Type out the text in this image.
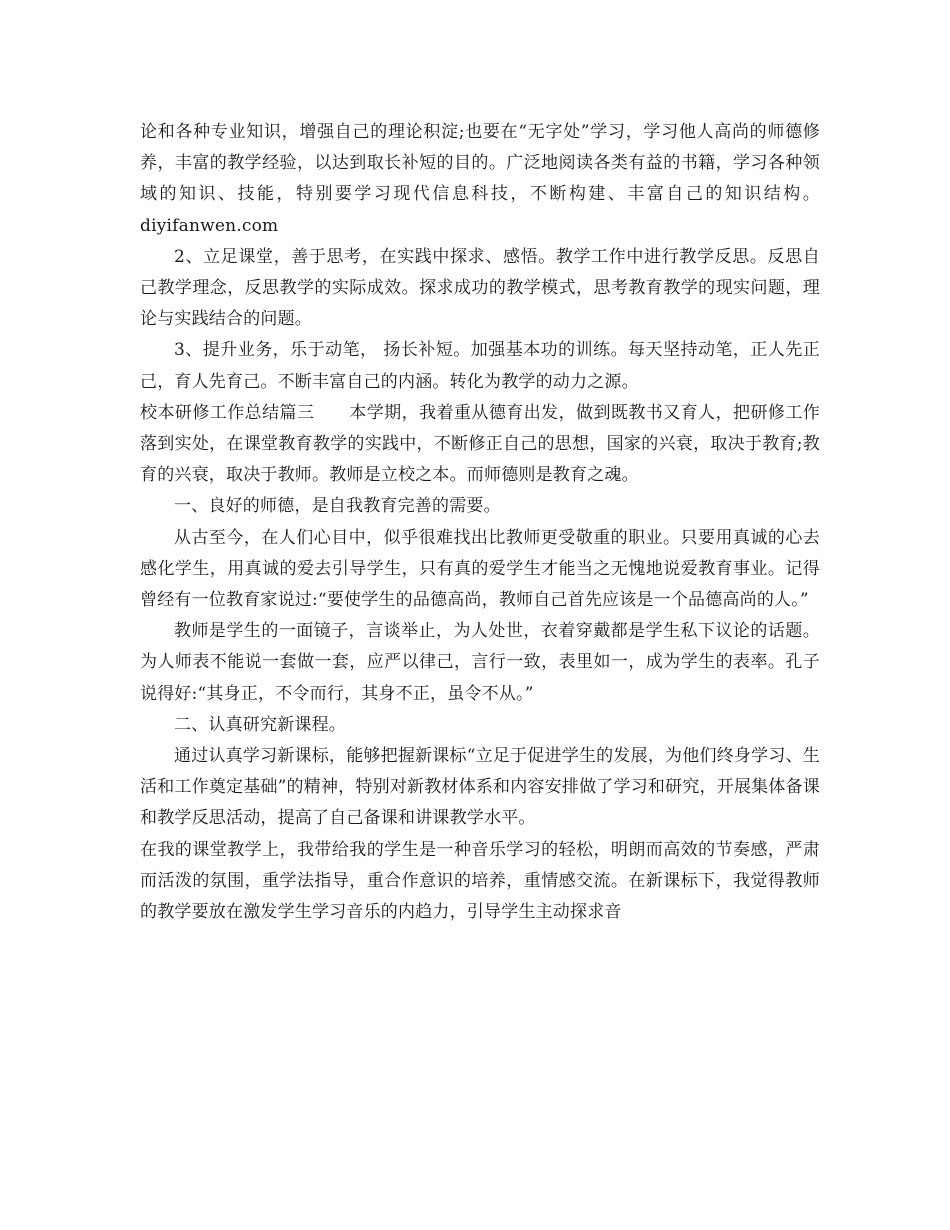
论和各种专业知识，增强自己的理论积淀;也要在“无字处”学习，学习他人高尚的师德修养，丰富的教学经验，以达到取长补短的目的。广泛地阅读各类有益的书籍，学习各种领域的知识、技能，特别要学习现代信息科技，不断构建、丰富自己的知识结构。diyifanwen.com

2、立足课堂，善于思考，在实践中探求、感悟。教学工作中进行教学反思。反思自己教学理念，反思教学的实际成效。探求成功的教学模式，思考教育教学的现实问题，理论与实践结合的问题。

3、提升业务，乐于动笔， 扬长补短。加强基本功的训练。每天坚持动笔，正人先正己，育人先育己。不断丰富自己的内涵。转化为教学的动力之源。

校本研修工作总结篇三　　本学期，我着重从德育出发，做到既教书又育人，把研修工作落到实处，在课堂教育教学的实践中，不断修正自己的思想，国家的兴衰，取决于教育;教育的兴衰，取决于教师。教师是立校之本。而师德则是教育之魂。

一、良好的师德，是自我教育完善的需要。

从古至今，在人们心目中，似乎很难找出比教师更受敬重的职业。只要用真诚的心去感化学生，用真诚的爱去引导学生，只有真的爱学生才能当之无愧地说爱教育事业。记得曾经有一位教育家说过:“要使学生的品德高尚，教师自己首先应该是一个品德高尚的人。”

教师是学生的一面镜子，言谈举止，为人处世，衣着穿戴都是学生私下议论的话题。为人师表不能说一套做一套，应严以律己，言行一致，表里如一，成为学生的表率。孔子说得好:“其身正，不令而行，其身不正，虽令不从。”

二、认真研究新课程。

通过认真学习新课标，能够把握新课标“立足于促进学生的发展，为他们终身学习、生活和工作奠定基础”的精神，特别对新教材体系和内容安排做了学习和研究，开展集体备课和教学反思活动，提高了自己备课和讲课教学水平。

在我的课堂教学上，我带给我的学生是一种音乐学习的轻松，明朗而高效的节奏感，严肃而活泼的氛围，重学法指导，重合作意识的培养，重情感交流。在新课标下，我觉得教师的教学要放在激发学生学习音乐的内趋力，引导学生主动探求音
